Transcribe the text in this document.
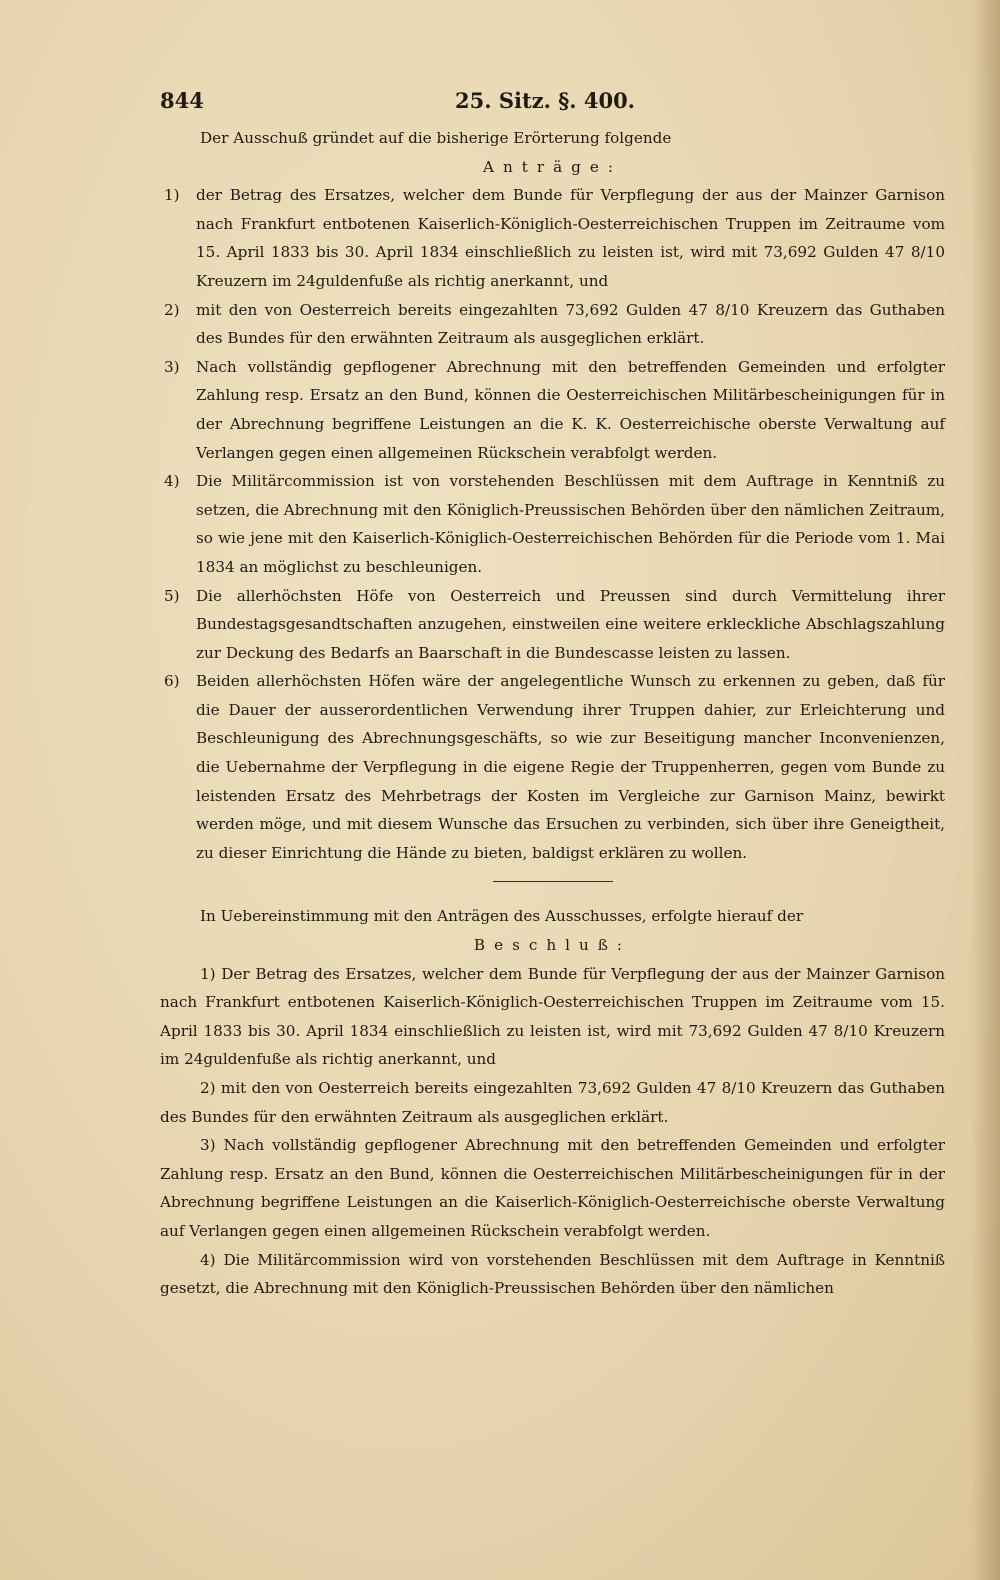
844	25. Sitz. §. 400.

Der Ausschuß gründet auf die bisherige Erörterung folgende

Anträge:

1)	der Betrag des Ersatzes, welcher dem Bunde für Verpflegung der aus der Mainzer Garnison nach Frankfurt entbotenen Kaiserlich-Königlich-Oesterreichischen Truppen im Zeitraume vom 15. April 1833 bis 30. April 1834 einschließlich zu leisten ist, wird mit 73,692 Gulden 47 8/10 Kreuzern im 24guldenfuße als richtig anerkannt, und
2)	mit den von Oesterreich bereits eingezahlten 73,692 Gulden 47 8/10 Kreuzern das Guthaben des Bundes für den erwähnten Zeitraum als ausgeglichen erklärt.
3)	Nach vollständig gepflogener Abrechnung mit den betreffenden Gemeinden und erfolgter Zahlung resp. Ersatz an den Bund, können die Oesterreichischen Militärbescheinigungen für in der Abrechnung begriffene Leistungen an die K. K. Oesterreichische oberste Verwaltung auf Verlangen gegen einen allgemeinen Rückschein verabfolgt werden.
4)	Die Militärcommission ist von vorstehenden Beschlüssen mit dem Auftrage in Kenntniß zu setzen, die Abrechnung mit den Königlich-Preussischen Behörden über den nämlichen Zeitraum, so wie jene mit den Kaiserlich-Königlich-Oesterreichischen Behörden für die Periode vom 1. Mai 1834 an möglichst zu beschleunigen.
5)	Die allerhöchsten Höfe von Oesterreich und Preussen sind durch Vermittelung ihrer Bundestagsgesandtschaften anzugehen, einstweilen eine weitere erkleckliche Abschlagszahlung zur Deckung des Bedarfs an Baarschaft in die Bundescasse leisten zu lassen.
6)	Beiden allerhöchsten Höfen wäre der angelegentliche Wunsch zu erkennen zu geben, daß für die Dauer der ausserordentlichen Verwendung ihrer Truppen dahier, zur Erleichterung und Beschleunigung des Abrechnungsgeschäfts, so wie zur Beseitigung mancher Inconvenienzen, die Uebernahme der Verpflegung in die eigene Regie der Truppenherren, gegen vom Bunde zu leistenden Ersatz des Mehrbetrags der Kosten im Vergleiche zur Garnison Mainz, bewirkt werden möge, und mit diesem Wunsche das Ersuchen zu verbinden, sich über ihre Geneigtheit, zu dieser Einrichtung die Hände zu bieten, baldigst erklären zu wollen.

In Uebereinstimmung mit den Anträgen des Ausschusses, erfolgte hierauf der

Beschluß:

1) Der Betrag des Ersatzes, welcher dem Bunde für Verpflegung der aus der Mainzer Garnison nach Frankfurt entbotenen Kaiserlich-Königlich-Oesterreichischen Truppen im Zeitraume vom 15. April 1833 bis 30. April 1834 einschließlich zu leisten ist, wird mit 73,692 Gulden 47 8/10 Kreuzern im 24guldenfuße als richtig anerkannt, und

2) mit den von Oesterreich bereits eingezahlten 73,692 Gulden 47 8/10 Kreuzern das Guthaben des Bundes für den erwähnten Zeitraum als ausgeglichen erklärt.

3) Nach vollständig gepflogener Abrechnung mit den betreffenden Gemeinden und erfolgter Zahlung resp. Ersatz an den Bund, können die Oesterreichischen Militärbescheinigungen für in der Abrechnung begriffene Leistungen an die Kaiserlich-Königlich-Oesterreichische oberste Verwaltung auf Verlangen gegen einen allgemeinen Rückschein verabfolgt werden.

4) Die Militärcommission wird von vorstehenden Beschlüssen mit dem Auftrage in Kenntniß gesetzt, die Abrechnung mit den Königlich-Preussischen Behörden über den nämlichen
